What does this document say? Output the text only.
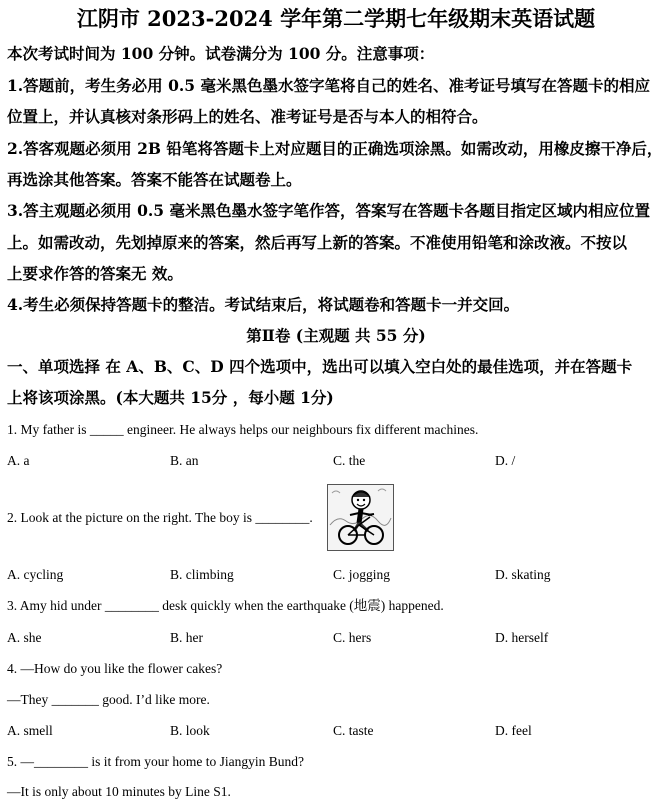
江阴市 2023-2024 学年第二学期七年级期末英语试题
本次考试时间为 100 分钟。试卷满分为 100 分。注意事项：
1.答题前，考生务必用 0.5 毫米黑色墨水签字笔将自己的姓名、准考证号填写在答题卡的相应
位置上，并认真核对条形码上的姓名、准考证号是否与本人的相符合。
2.答客观题必须用 2B 铅笔将答题卡上对应题目的正确选项涂黑。如需改动，用橡皮擦干净后，
再选涂其他答案。答案不能答在试题卷上。
3.答主观题必须用 0.5 毫米黑色墨水签字笔作答，答案写在答题卡各题目指定区域内相应位置
上。如需改动，先划掉原来的答案，然后再写上新的答案。不准使用铅笔和涂改液。不按以
上要求作答的答案无 效。
4.考生必须保持答题卡的整洁。考试结束后，将试题卷和答题卡一并交回。
第Ⅱ卷 (主观题 共 55 分)
一、单项选择 在 A、B、C、D 四个选项中，选出可以填入空白处的最佳选项，并在答题卡
上将该项涂黑。(本大题共 15分 ，每小题 1分)
1. My father is _____ engineer. He always helps our neighbours fix different machines.
A. a	B. an	C. the	D. /
2. Look at the picture on the right. The boy is ________.
A. cycling	B. climbing	C. jogging	D. skating
3. Amy hid under ________ desk quickly when the earthquake (地震) happened.
A. she	B. her	C. hers	D. herself
4. —How do you like the flower cakes?
—They _______ good. I’d like more.
A. smell	B. look	C. taste	D. feel
5. —________ is it from your home to Jiangyin Bund?
—It is only about 10 minutes by Line S1.
